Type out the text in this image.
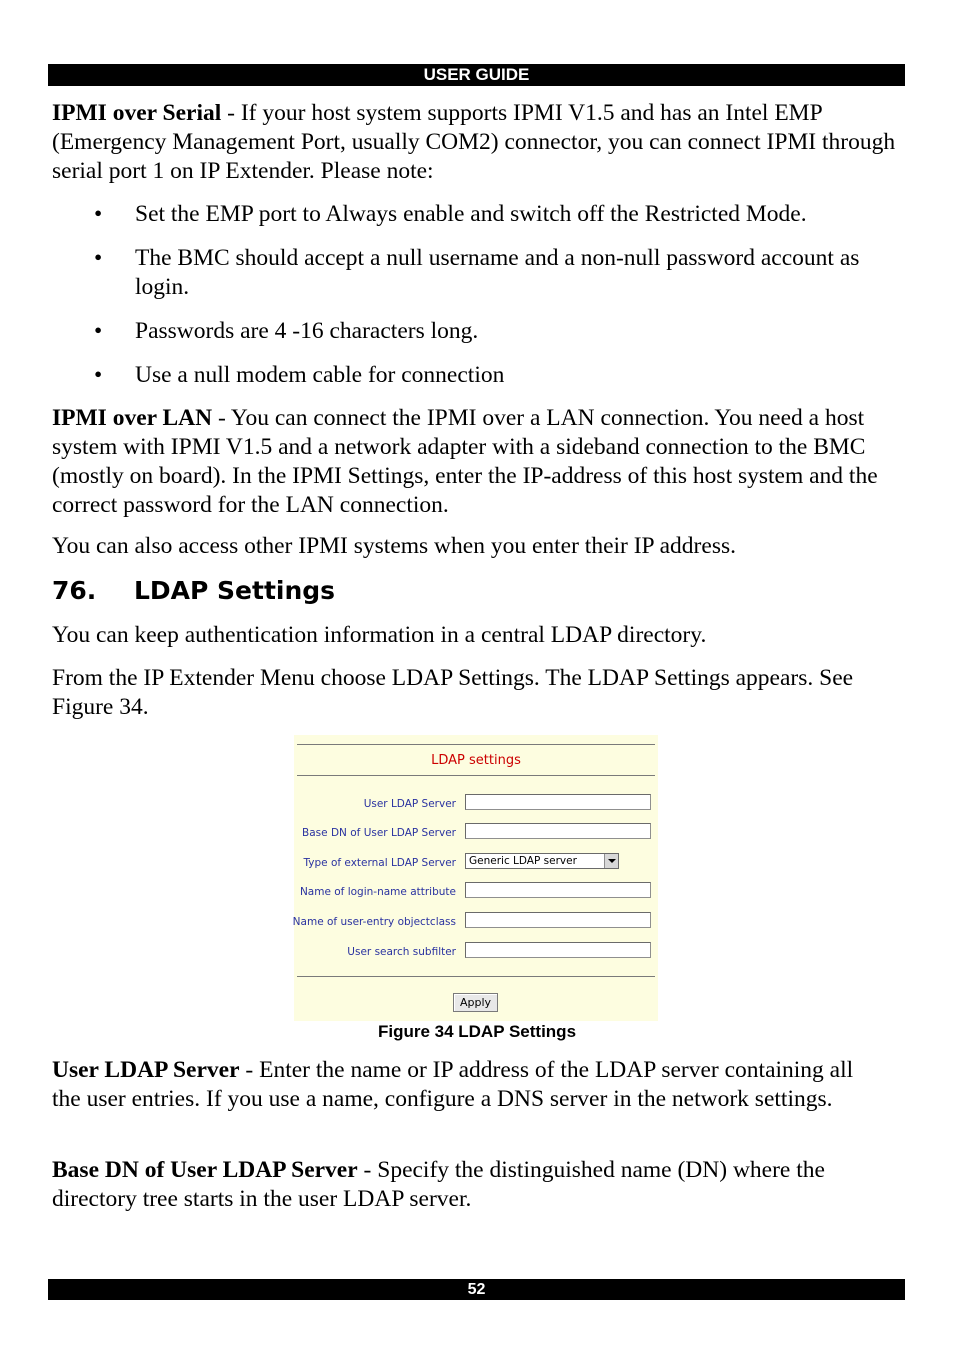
USER GUIDE

IPMI over Serial - If your host system supports IPMI V1.5 and has an Intel EMP (Emergency Management Port, usually COM2) connector, you can connect IPMI through serial port 1 on IP Extender. Please note:

• Set the EMP port to Always enable and switch off the Restricted Mode.
• The BMC should accept a null username and a non-null password account as login.
• Passwords are 4 -16 characters long.
• Use a null modem cable for connection

IPMI over LAN - You can connect the IPMI over a LAN connection. You need a host system with IPMI V1.5 and a network adapter with a sideband connection to the BMC (mostly on board). In the IPMI Settings, enter the IP-address of this host system and the correct password for the LAN connection.

You can also access other IPMI systems when you enter their IP address.

76. LDAP Settings

You can keep authentication information in a central LDAP directory.

From the IP Extender Menu choose LDAP Settings. The LDAP Settings appears. See Figure 34.

LDAP settings
User LDAP Server
Base DN of User LDAP Server
Type of external LDAP Server	Generic LDAP server
Name of login-name attribute
Name of user-entry objectclass
User search subfilter
Apply
Figure 34 LDAP Settings

User LDAP Server - Enter the name or IP address of the LDAP server containing all the user entries. If you use a name, configure a DNS server in the network settings.

Base DN of User LDAP Server - Specify the distinguished name (DN) where the directory tree starts in the user LDAP server.

52
